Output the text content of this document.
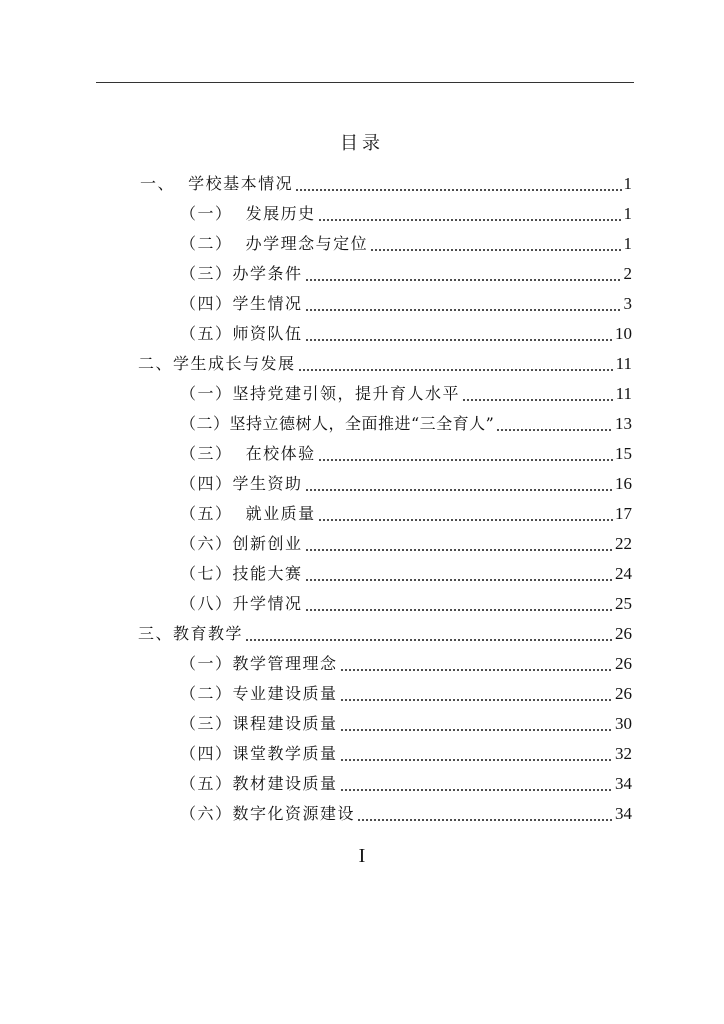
目录
一、  学校基本情况	1
（一）  发展历史	1
（二）  办学理念与定位	1
（三）办学条件	2
（四）学生情况	3
（五）师资队伍	10
二、学生成长与发展	11
（一）坚持党建引领，提升育人水平	11
（二）坚持立德树人，全面推进“三全育人”	13
（三）  在校体验	15
（四）学生资助	16
（五）  就业质量	17
（六）创新创业	22
（七）技能大赛	24
（八）升学情况	25
三、教育教学	26
（一）教学管理理念	26
（二）专业建设质量	26
（三）课程建设质量	30
（四）课堂教学质量	32
（五）教材建设质量	34
（六）数字化资源建设	34
I
